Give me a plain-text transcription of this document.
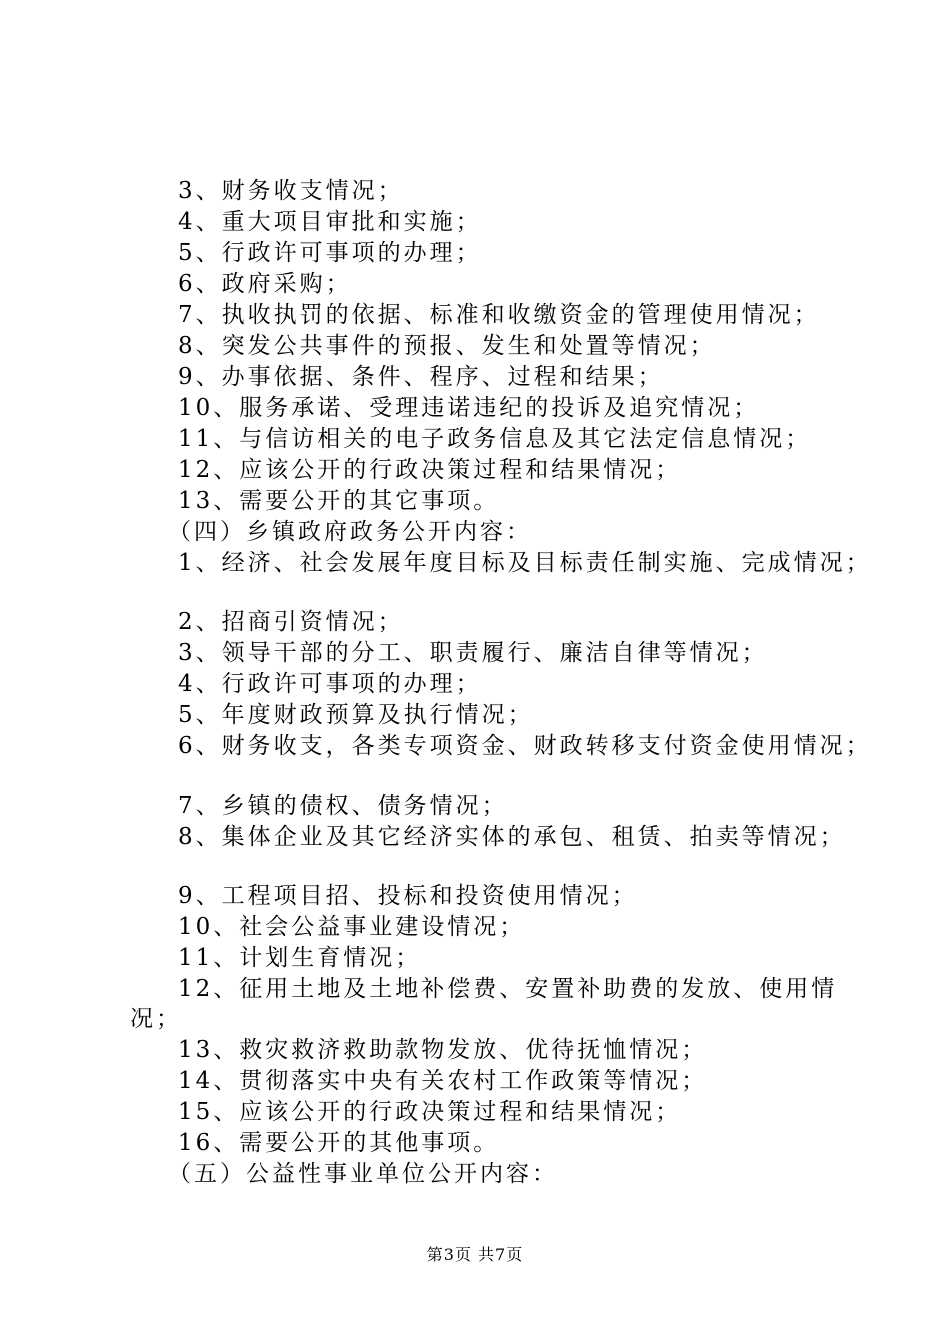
3、财务收支情况；
4、重大项目审批和实施；
5、行政许可事项的办理；
6、政府采购；
7、执收执罚的依据、标准和收缴资金的管理使用情况；
8、突发公共事件的预报、发生和处置等情况；
9、办事依据、条件、程序、过程和结果；
10、服务承诺、受理违诺违纪的投诉及追究情况；
11、与信访相关的电子政务信息及其它法定信息情况；
12、应该公开的行政决策过程和结果情况；
13、需要公开的其它事项。
（四）乡镇政府政务公开内容：
1、经济、社会发展年度目标及目标责任制实施、完成情况；
2、招商引资情况；
3、领导干部的分工、职责履行、廉洁自律等情况；
4、行政许可事项的办理；
5、年度财政预算及执行情况；
6、财务收支，各类专项资金、财政转移支付资金使用情况；
7、乡镇的债权、债务情况；
8、集体企业及其它经济实体的承包、租赁、拍卖等情况；
9、工程项目招、投标和投资使用情况；
10、社会公益事业建设情况；
11、计划生育情况；
12、征用土地及土地补偿费、安置补助费的发放、使用情
况；
13、救灾救济救助款物发放、优待抚恤情况；
14、贯彻落实中央有关农村工作政策等情况；
15、应该公开的行政决策过程和结果情况；
16、需要公开的其他事项。
（五）公益性事业单位公开内容：
第3页 共7页
